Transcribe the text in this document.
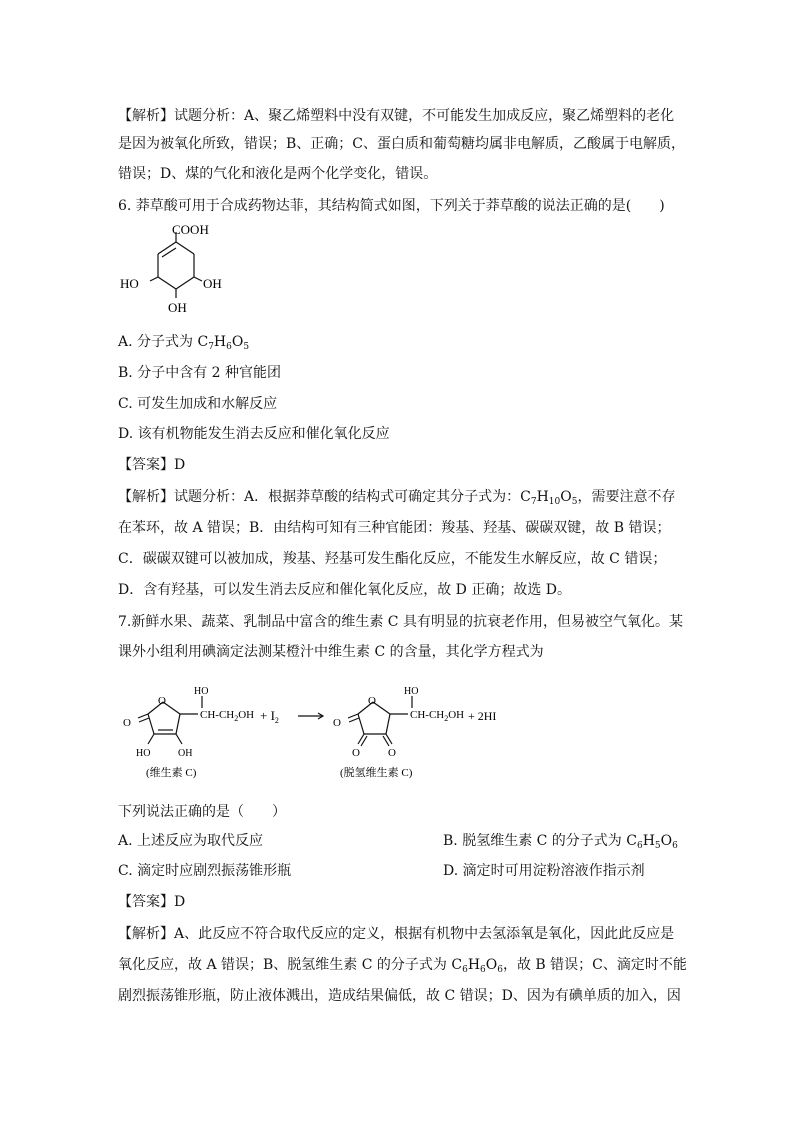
【解析】试题分析：A、聚乙烯塑料中没有双键，不可能发生加成反应，聚乙烯塑料的老化
是因为被氧化所致，错误；B、正确；C、蛋白质和葡萄糖均属非电解质，乙酸属于电解质，
错误；D、煤的气化和液化是两个化学变化，错误。
6. 莽草酸可用于合成药物达菲，其结构简式如图，下列关于莽草酸的说法正确的是(　　)
COOH
HO	OH
OH
A. 分子式为 $C_7H_6O_5$
B. 分子中含有 2 种官能团
C. 可发生加成和水解反应
D. 该有机物能发生消去反应和催化氧化反应
【答案】D
【解析】试题分析：A．根据莽草酸的结构式可确定其分子式为：$C_7H_{10}O_5$，需要注意不存
在苯环，故 A 错误；B．由结构可知有三种官能团：羧基、羟基、碳碳双键，故 B 错误；
C．碳碳双键可以被加成，羧基、羟基可发生酯化反应，不能发生水解反应，故 C 错误；
D．含有羟基，可以发生消去反应和催化氧化反应，故 D 正确；故选 D。
7.新鲜水果、蔬菜、乳制品中富含的维生素 C 具有明显的抗衰老作用，但易被空气氧化。某
课外小组利用碘滴定法测某橙汁中维生素 C 的含量，其化学方程式为
O
O
HO	OH
HO
$CH-CH_2OH$
(维生素 C)
+ $I_2$
O
O
O	O
HO
$CH-CH_2OH$
(脱氢维生素 C)
+ 2HI
下列说法正确的是（　　）
A. 上述反应为取代反应	B. 脱氢维生素 C 的分子式为 $C_6H_5O_6$
C. 滴定时应剧烈振荡锥形瓶	D. 滴定时可用淀粉溶液作指示剂
【答案】D
【解析】A、此反应不符合取代反应的定义，根据有机物中去氢添氧是氧化，因此此反应是
氧化反应，故 A 错误；B、脱氢维生素 C 的分子式为 $C_6H_6O_6$，故 B 错误；C、滴定时不能
剧烈振荡锥形瓶，防止液体溅出，造成结果偏低，故 C 错误；D、因为有碘单质的加入，因
